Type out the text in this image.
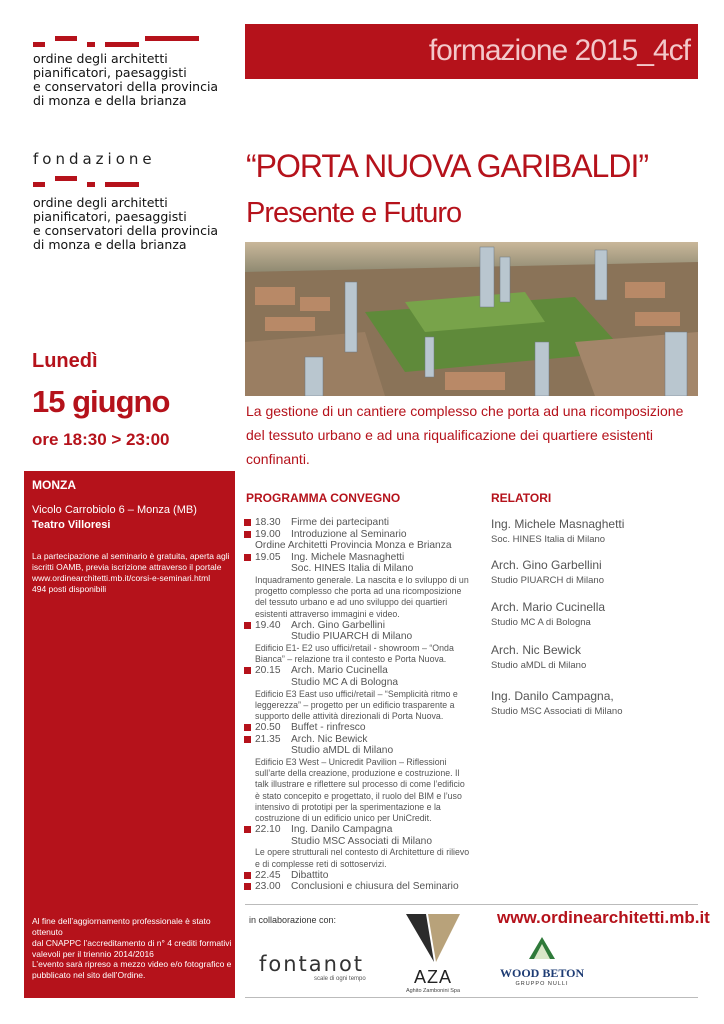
ordine degli architetti
pianificatori, paesaggisti
e conservatori della provincia
di monza e della brianza
fondazione
ordine degli architetti
pianificatori, paesaggisti
e conservatori della provincia
di monza e della brianza
formazione 2015_4cf
“PORTA NUOVA GARIBALDI”
Presente e Futuro
La gestione di un cantiere complesso che porta ad una ricomposizione del tessuto urbano e ad una riqualificazione dei quartiere esistenti confinanti.
Lunedì
15 giugno
ore 18:30 > 23:00
MONZA
Vicolo Carrobiolo 6 – Monza (MB)
Teatro Villoresi
La partecipazione al seminario è gratuita, aperta agli
iscritti OAMB, previa iscrizione attraverso il portale
www.ordinearchitetti.mb.it/corsi-e-seminari.html
494 posti disponibili
Al fine dell’aggiornamento professionale è stato ottenuto
dal CNAPPC l’accreditamento di n° 4 crediti formativi
valevoli per il triennio 2014/2016
L’evento sarà ripreso a mezzo video e/o fotografico e
pubblicato nel sito dell’Ordine.
PROGRAMMA CONVEGNO
18.30	Firme dei partecipanti
19.00	Introduzione al Seminario
Ordine Architetti Provincia Monza e Brianza
19.05	Ing. Michele Masnaghetti
Soc. HINES Italia di Milano
Inquadramento generale. La nascita e lo sviluppo di un
progetto complesso che porta ad una ricomposizione
del tessuto urbano e ad uno sviluppo dei quartieri
esistenti attraverso immagini e video.
19.40	Arch. Gino Garbellini
Studio PIUARCH di Milano
Edificio E1- E2 uso uffici/retail - showroom – “Onda
Bianca” – relazione tra il contesto e Porta Nuova.
20.15	Arch. Mario Cucinella
Studio MC A di Bologna
Edificio E3 East uso uffici/retail – “Semplicità ritmo e
leggerezza” – progetto per un edificio trasparente a
supporto delle attività direzionali di Porta Nuova.
20.50	Buffet - rinfresco
21.35	Arch. Nic Bewick
Studio aMDL di Milano
Edificio E3 West – Unicredit Pavilion – Riflessioni
sull’arte della creazione, produzione e costruzione. Il
talk illustrare e riflettere sul processo di come l’edificio
è stato concepito e progettato, il ruolo del BIM e l’uso
intensivo di prototipi per la sperimentazione e la
costruzione di un edificio unico per UniCredit.
22.10	Ing. Danilo Campagna
Studio MSC Associati di Milano
Le opere strutturali nel contesto di Architetture di rilievo
e di complesse reti di sottoservizi.
22.45	Dibattito
23.00	Conclusioni e chiusura del Seminario
RELATORI
Ing. Michele Masnaghetti
Soc. HINES Italia di Milano
Arch. Gino Garbellini
Studio PIUARCH di Milano
Arch. Mario Cucinella
Studio MC A di Bologna
Arch. Nic Bewick
Studio aMDL di Milano
Ing. Danilo Campagna,
Studio MSC Associati di Milano
in collaborazione con:	www.ordinearchitetti.mb.it
fontanot
scale di ogni tempo	AZA
Aghito Zambonini Spa
WOOD BETON
GRUPPO NULLI
